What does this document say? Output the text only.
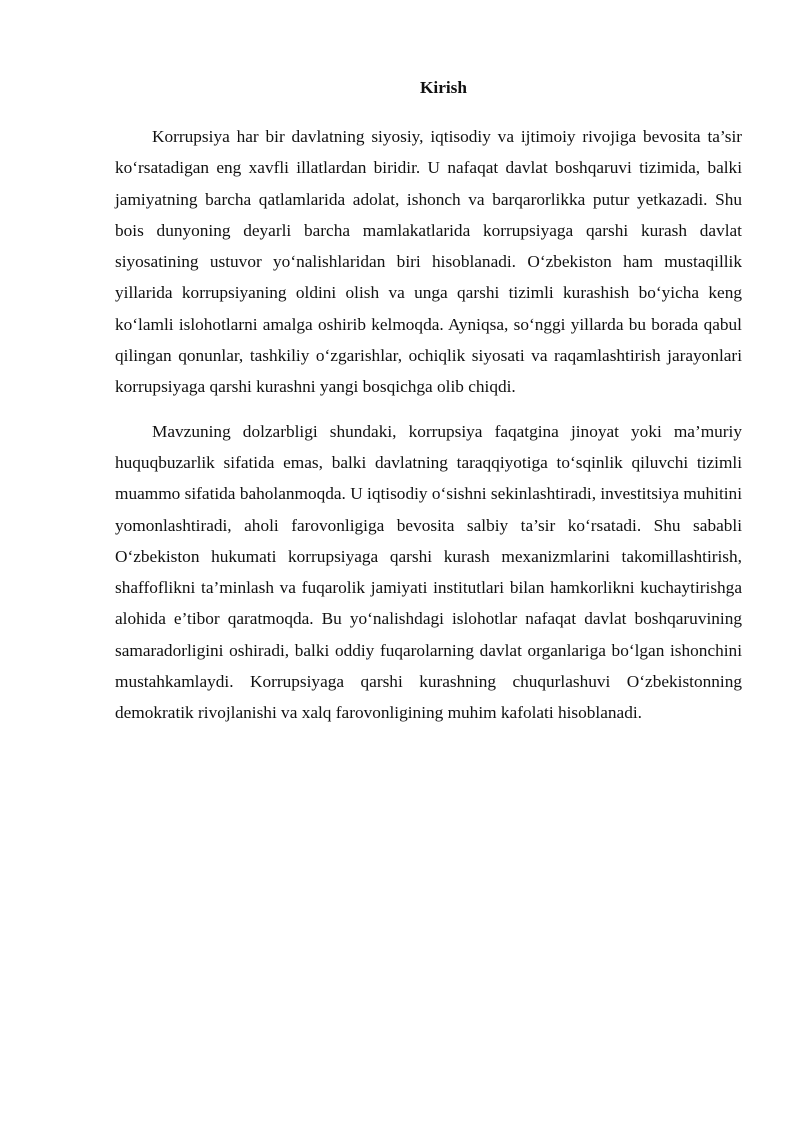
Kirish

Korrupsiya har bir davlatning siyosiy, iqtisodiy va ijtimoiy rivojiga bevosita ta’sir ko‘rsatadigan eng xavfli illatlardan biridir. U nafaqat davlat boshqaruvi tizimida, balki jamiyatning barcha qatlamlarida adolat, ishonch va barqarorlikka putur yetkazadi. Shu bois dunyoning deyarli barcha mamlakatlarida korrupsiyaga qarshi kurash davlat siyosatining ustuvor yo‘nalishlaridan biri hisoblanadi. O‘zbekiston ham mustaqillik yillarida korrupsiyaning oldini olish va unga qarshi tizimli kurashish bo‘yicha keng ko‘lamli islohotlarni amalga oshirib kelmoqda. Ayniqsa, so‘nggi yillarda bu borada qabul qilingan qonunlar, tashkiliy o‘zgarishlar, ochiqlik siyosati va raqamlashtirish jarayonlari korrupsiyaga qarshi kurashni yangi bosqichga olib chiqdi.

Mavzuning dolzarbligi shundaki, korrupsiya faqatgina jinoyat yoki ma’muriy huquqbuzarlik sifatida emas, balki davlatning taraqqiyotiga to‘sqinlik qiluvchi tizimli muammo sifatida baholanmoqda. U iqtisodiy o‘sishni sekinlashtiradi, investitsiya muhitini yomonlashtiradi, aholi farovonligiga bevosita salbiy ta’sir ko‘rsatadi. Shu sababli O‘zbekiston hukumati korrupsiyaga qarshi kurash mexanizmlarini takomillashtirish, shaffoflikni ta’minlash va fuqarolik jamiyati institutlari bilan hamkorlikni kuchaytirishga alohida e’tibor qaratmoqda. Bu yo‘nalishdagi islohotlar nafaqat davlat boshqaruvining samaradorligini oshiradi, balki oddiy fuqarolarning davlat organlariga bo‘lgan ishonchini mustahkamlaydi. Korrupsiyaga qarshi kurashning chuqurlashuvi O‘zbekistonning demokratik rivojlanishi va xalq farovonligining muhim kafolati hisoblanadi.
